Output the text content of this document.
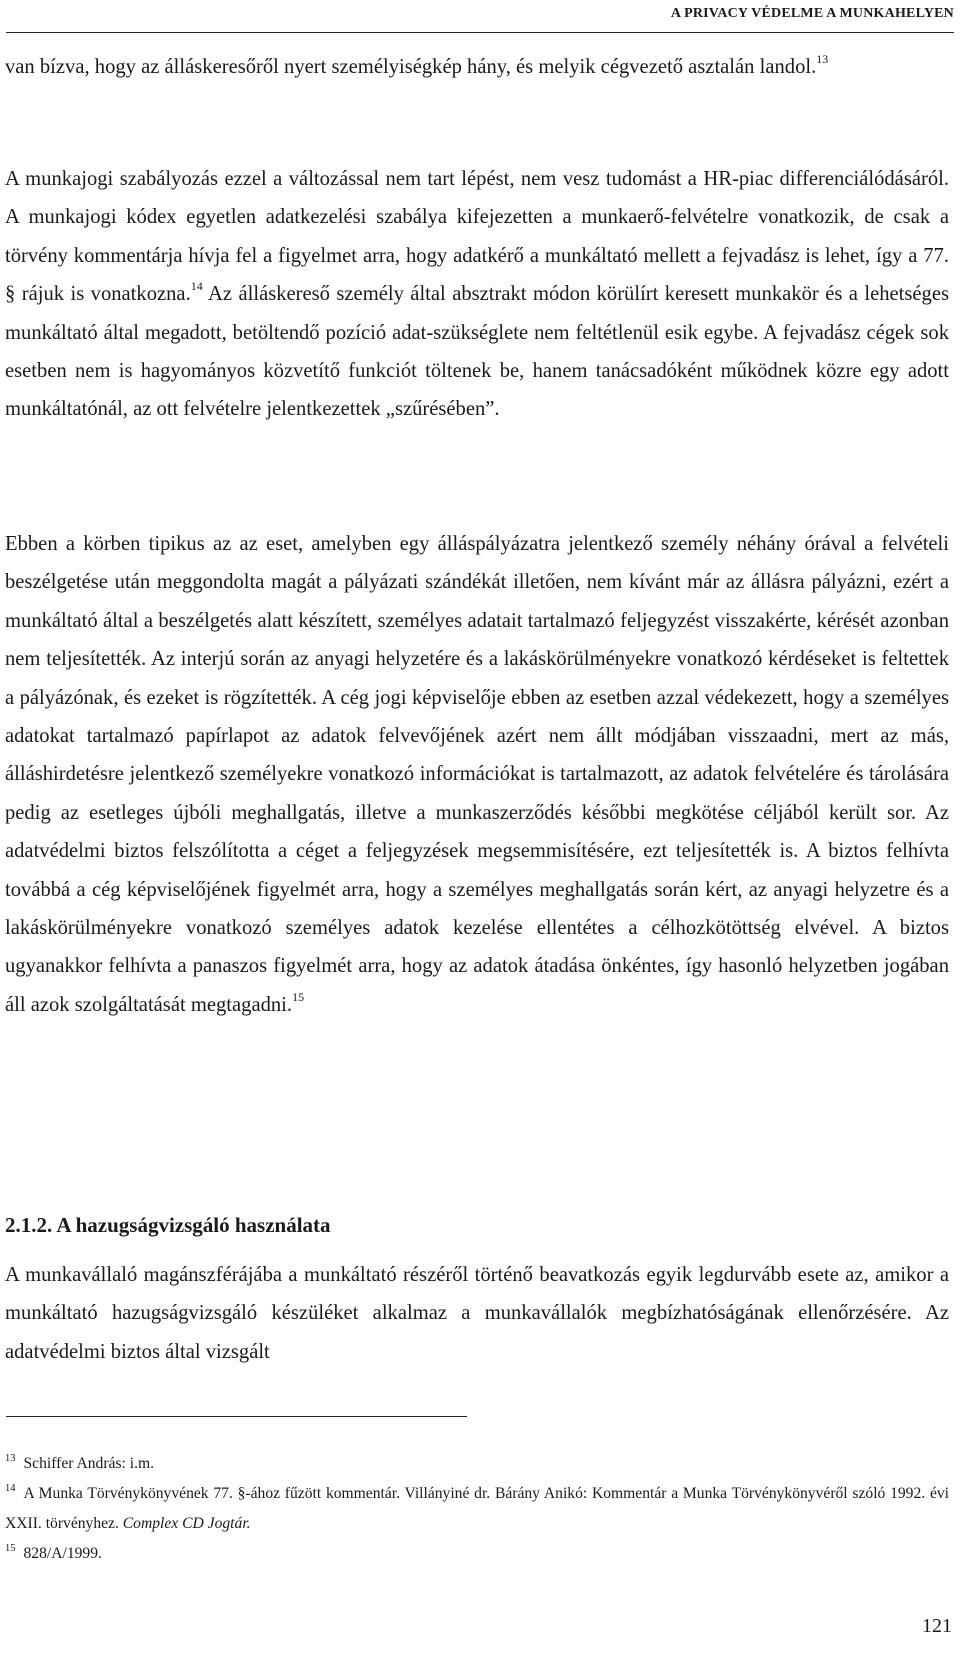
A PRIVACY VÉDELME A MUNKAHELYEN

van bízva, hogy az álláskeresőről nyert személyiségkép hány, és melyik cégvezető asztalán landol.$^{13}$

A munkajogi szabályozás ezzel a változással nem tart lépést, nem vesz tudomást a HR-piac differenciálódásáról. A munkajogi kódex egyetlen adatkezelési szabálya kifejezetten a munkaerő-felvételre vonatkozik, de csak a törvény kommentárja hívja fel a figyelmet arra, hogy adatkérő a munkáltató mellett a fejvadász is lehet, így a 77. § rájuk is vonatkozna.$^{14}$ Az álláskereső személy által absztrakt módon körülírt keresett munkakör és a lehetséges munkáltató által megadott, betöltendő pozíció adat-szükséglete nem feltétlenül esik egybe. A fejvadász cégek sok esetben nem is hagyományos közvetítő funkciót töltenek be, hanem tanácsadóként működnek közre egy adott munkáltatónál, az ott felvételre jelentkezettek „szűrésében”.

Ebben a körben tipikus az az eset, amelyben egy álláspályázatra jelentkező személy néhány órával a felvételi beszélgetése után meggondolta magát a pályázati szándékát illetően, nem kívánt már az állásra pályázni, ezért a munkáltató által a beszélgetés alatt készített, személyes adatait tartalmazó feljegyzést visszakérte, kérését azonban nem teljesítették. Az interjú során az anyagi helyzetére és a lakáskörülményekre vonatkozó kérdéseket is feltettek a pályázónak, és ezeket is rögzítették. A cég jogi képviselője ebben az esetben azzal védekezett, hogy a személyes adatokat tartalmazó papírlapot az adatok felvevőjének azért nem állt módjában visszaadni, mert az más, álláshirdetésre jelentkező személyekre vonatkozó információkat is tartalmazott, az adatok felvételére és tárolására pedig az esetleges újbóli meghallgatás, illetve a munkaszerződés későbbi megkötése céljából került sor. Az adatvédelmi biztos felszólította a céget a feljegyzések megsemmisítésére, ezt teljesítették is. A biztos felhívta továbbá a cég képviselőjének figyelmét arra, hogy a személyes meghallgatás során kért, az anyagi helyzetre és a lakáskörülményekre vonatkozó személyes adatok kezelése ellentétes a célhozkötöttség elvével. A biztos ugyanakkor felhívta a panaszos figyelmét arra, hogy az adatok átadása önkéntes, így hasonló helyzetben jogában áll azok szolgáltatását megtagadni.$^{15}$

2.1.2. A hazugságvizsgáló használata

A munkavállaló magánszférájába a munkáltató részéről történő beavatkozás egyik legdurvább esete az, amikor a munkáltató hazugságvizsgáló készüléket alkalmaz a munkavállalók megbízhatóságának ellenőrzésére. Az adatvédelmi biztos által vizsgált

$^{13}$ Schiffer András: i.m.

$^{14}$ A Munka Törvénykönyvének 77. §-ához fűzött kommentár. Villányiné dr. Bárány Anikó: Kommentár a Munka Törvénykönyvéről szóló 1992. évi XXII. törvényhez. Complex CD Jogtár.

$^{15}$ 828/A/1999.

121
